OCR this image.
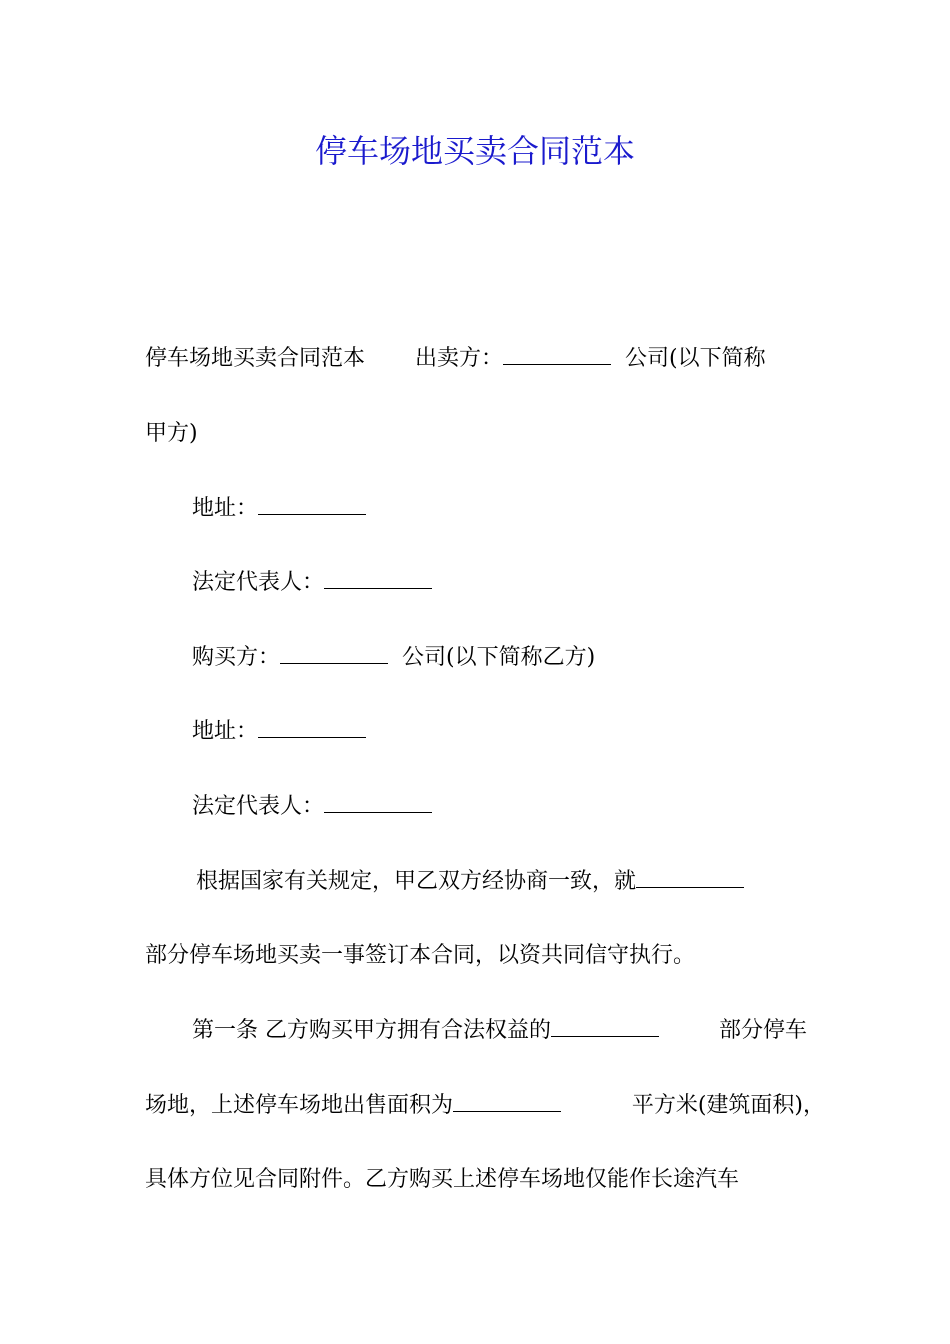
停车场地买卖合同范本
停车场地买卖合同范本 出卖方：	公司(以下简称
甲方)
地址：
法定代表人：
购买方：	公司(以下简称乙方)
地址：
法定代表人：
根据国家有关规定，甲乙双方经协商一致，就
部分停车场地买卖一事签订本合同，以资共同信守执行。
第一条 乙方购买甲方拥有合法权益的	部分停车
场地，上述停车场地出售面积为	平方米(建筑面积)，
具体方位见合同附件。乙方购买上述停车场地仅能作长途汽车
